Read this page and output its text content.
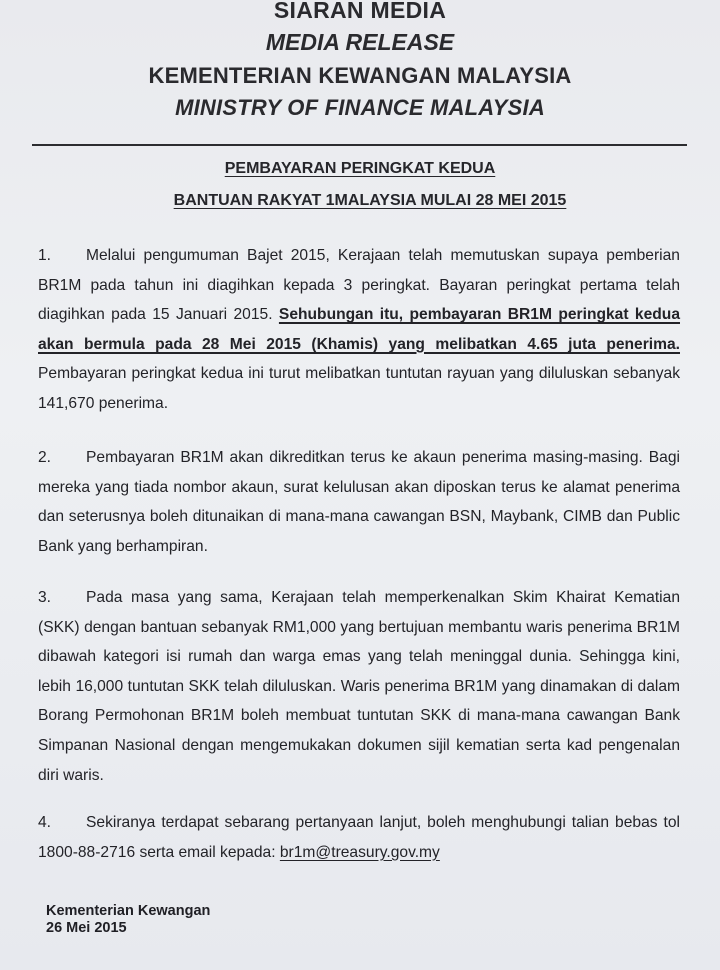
SIARAN MEDIA
MEDIA RELEASE
KEMENTERIAN KEWANGAN MALAYSIA
MINISTRY OF FINANCE MALAYSIA
PEMBAYARAN PERINGKAT KEDUA
BANTUAN RAKYAT 1MALAYSIA MULAI 28 MEI 2015
1. Melalui pengumuman Bajet 2015, Kerajaan telah memutuskan supaya pemberian BR1M pada tahun ini diagihkan kepada 3 peringkat. Bayaran peringkat pertama telah diagihkan pada 15 Januari 2015. Sehubungan itu, pembayaran BR1M peringkat kedua akan bermula pada 28 Mei 2015 (Khamis) yang melibatkan 4.65 juta penerima. Pembayaran peringkat kedua ini turut melibatkan tuntutan rayuan yang diluluskan sebanyak 141,670 penerima.
2. Pembayaran BR1M akan dikreditkan terus ke akaun penerima masing-masing. Bagi mereka yang tiada nombor akaun, surat kelulusan akan diposkan terus ke alamat penerima dan seterusnya boleh ditunaikan di mana-mana cawangan BSN, Maybank, CIMB dan Public Bank yang berhampiran.
3. Pada masa yang sama, Kerajaan telah memperkenalkan Skim Khairat Kematian (SKK) dengan bantuan sebanyak RM1,000 yang bertujuan membantu waris penerima BR1M dibawah kategori isi rumah dan warga emas yang telah meninggal dunia. Sehingga kini, lebih 16,000 tuntutan SKK telah diluluskan. Waris penerima BR1M yang dinamakan di dalam Borang Permohonan BR1M boleh membuat tuntutan SKK di mana-mana cawangan Bank Simpanan Nasional dengan mengemukakan dokumen sijil kematian serta kad pengenalan diri waris.
4. Sekiranya terdapat sebarang pertanyaan lanjut, boleh menghubungi talian bebas tol 1800-88-2716 serta email kepada: br1m@treasury.gov.my
Kementerian Kewangan
26 Mei 2015
